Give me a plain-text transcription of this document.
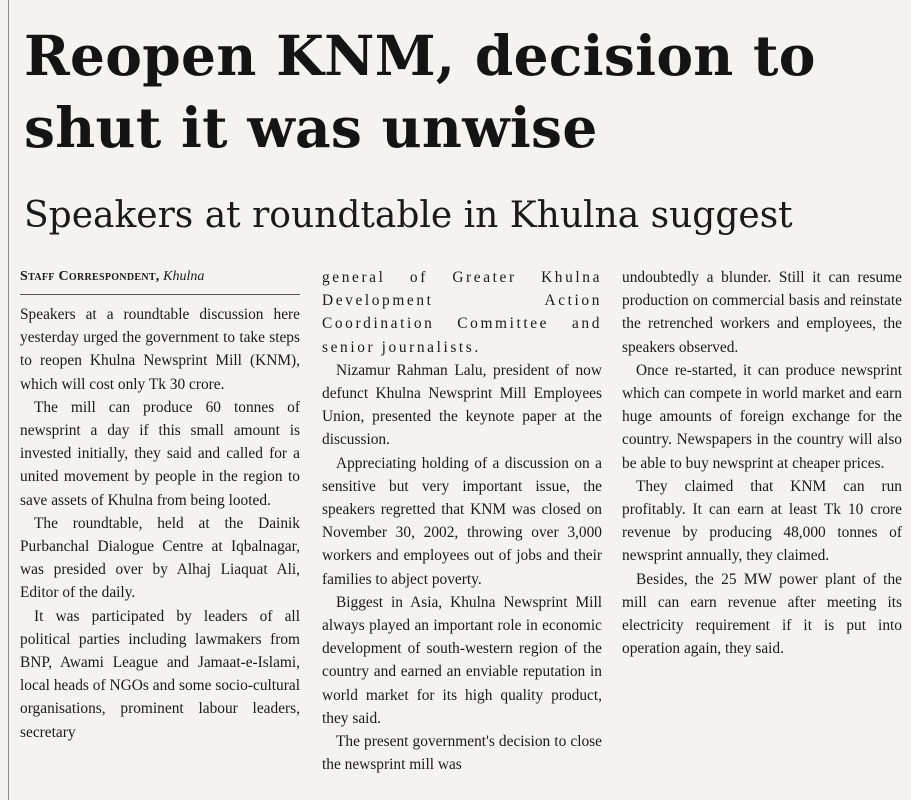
Reopen KNM, decision to shut it was unwise
Speakers at roundtable in Khulna suggest
Staff Correspondent, Khulna

Speakers at a roundtable discussion here yesterday urged the government to take steps to reopen Khulna Newsprint Mill (KNM), which will cost only Tk 30 crore.

The mill can produce 60 tonnes of newsprint a day if this small amount is invested initially, they said and called for a united movement by people in the region to save assets of Khulna from being looted.

The roundtable, held at the Dainik Purbanchal Dialogue Centre at Iqbalnagar, was presided over by Alhaj Liaquat Ali, Editor of the daily.

It was participated by leaders of all political parties including lawmakers from BNP, Awami League and Jamaat-e-Islami, local heads of NGOs and some socio-cultural organisations, prominent labour leaders, secretary

general of Greater Khulna Development Action Coordination Committee and senior journalists.

Nizamur Rahman Lalu, president of now defunct Khulna Newsprint Mill Employees Union, presented the keynote paper at the discussion.

Appreciating holding of a discussion on a sensitive but very important issue, the speakers regretted that KNM was closed on November 30, 2002, throwing over 3,000 workers and employees out of jobs and their families to abject poverty.

Biggest in Asia, Khulna Newsprint Mill always played an important role in economic development of south-western region of the country and earned an enviable reputation in world market for its high quality product, they said.

The present government's decision to close the newsprint mill was

undoubtedly a blunder. Still it can resume production on commercial basis and reinstate the retrenched workers and employees, the speakers observed.

Once re-started, it can produce newsprint which can compete in world market and earn huge amounts of foreign exchange for the country. Newspapers in the country will also be able to buy newsprint at cheaper prices.

They claimed that KNM can run profitably. It can earn at least Tk 10 crore revenue by producing 48,000 tonnes of newsprint annually, they claimed.

Besides, the 25 MW power plant of the mill can earn revenue after meeting its electricity requirement if it is put into operation again, they said.
